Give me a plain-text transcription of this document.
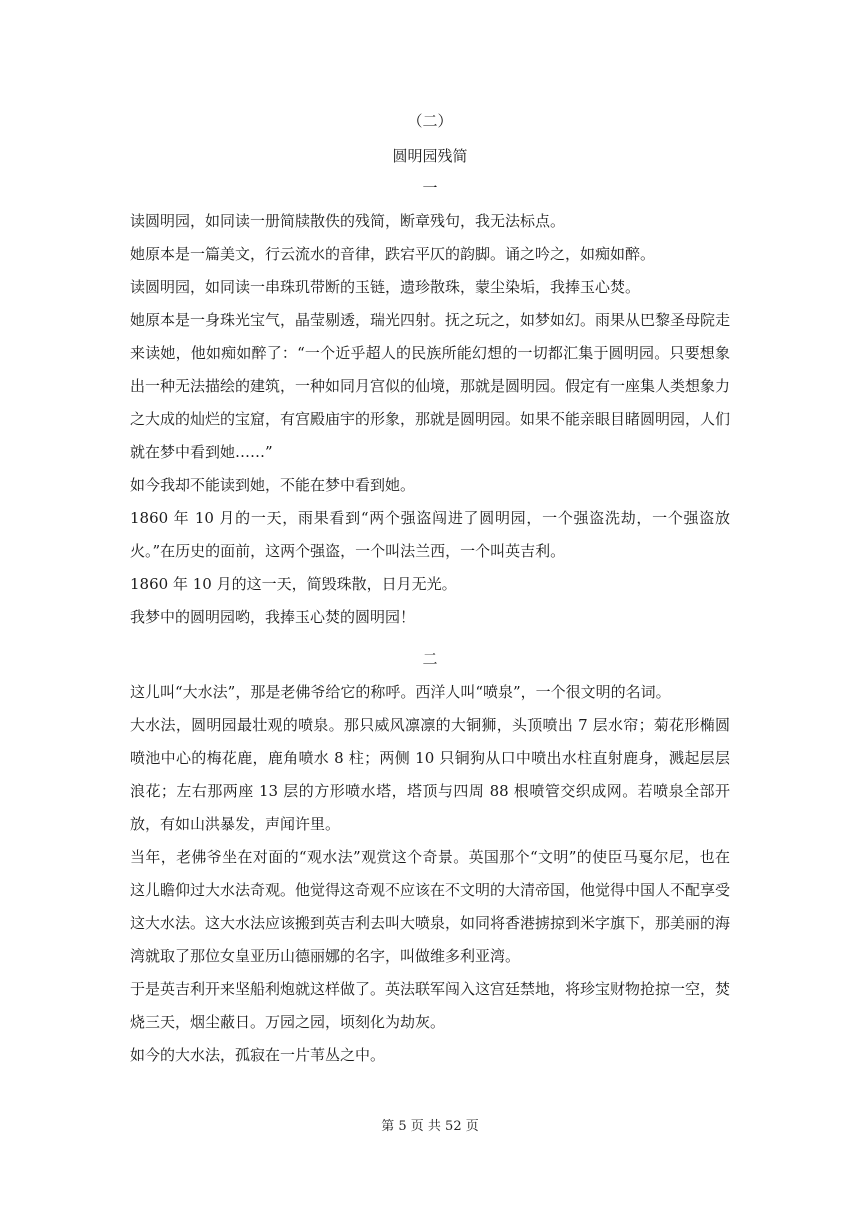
（二）
圆明园残简
一

读圆明园，如同读一册简牍散佚的残简，断章残句，我无法标点。

她原本是一篇美文，行云流水的音律，跌宕平仄的韵脚。诵之吟之，如痴如醉。

读圆明园，如同读一串珠玑带断的玉链，遗珍散珠，蒙尘染垢，我捧玉心焚。

她原本是一身珠光宝气，晶莹剔透，瑞光四射。抚之玩之，如梦如幻。雨果从巴黎圣母院走来读她，他如痴如醉了：“一个近乎超人的民族所能幻想的一切都汇集于圆明园。只要想象出一种无法描绘的建筑，一种如同月宫似的仙境，那就是圆明园。假定有一座集人类想象力之大成的灿烂的宝窟，有宫殿庙宇的形象，那就是圆明园。如果不能亲眼目睹圆明园，人们就在梦中看到她……”

如今我却不能读到她，不能在梦中看到她。

1860 年 10 月的一天，雨果看到“两个强盗闯进了圆明园，一个强盗洗劫，一个强盗放火。”在历史的面前，这两个强盗，一个叫法兰西，一个叫英吉利。

1860 年 10 月的这一天，简毁珠散，日月无光。

我梦中的圆明园哟，我捧玉心焚的圆明园！

二

这儿叫“大水法”，那是老佛爷给它的称呼。西洋人叫“喷泉”，一个很文明的名词。

大水法，圆明园最壮观的喷泉。那只威风凛凛的大铜狮，头顶喷出 7 层水帘；菊花形椭圆喷池中心的梅花鹿，鹿角喷水 8 柱；两侧 10 只铜狗从口中喷出水柱直射鹿身，溅起层层浪花；左右那两座 13 层的方形喷水塔，塔顶与四周 88 根喷管交织成网。若喷泉全部开放，有如山洪暴发，声闻许里。

当年，老佛爷坐在对面的“观水法”观赏这个奇景。英国那个“文明”的使臣马戛尔尼，也在这儿瞻仰过大水法奇观。他觉得这奇观不应该在不文明的大清帝国，他觉得中国人不配享受这大水法。这大水法应该搬到英吉利去叫大喷泉，如同将香港掳掠到米字旗下，那美丽的海湾就取了那位女皇亚历山德丽娜的名字，叫做维多利亚湾。

于是英吉利开来坚船利炮就这样做了。英法联军闯入这宫廷禁地，将珍宝财物抢掠一空，焚烧三天，烟尘蔽日。万园之园，顷刻化为劫灰。

如今的大水法，孤寂在一片苇丛之中。

第 5 页 共 52 页
